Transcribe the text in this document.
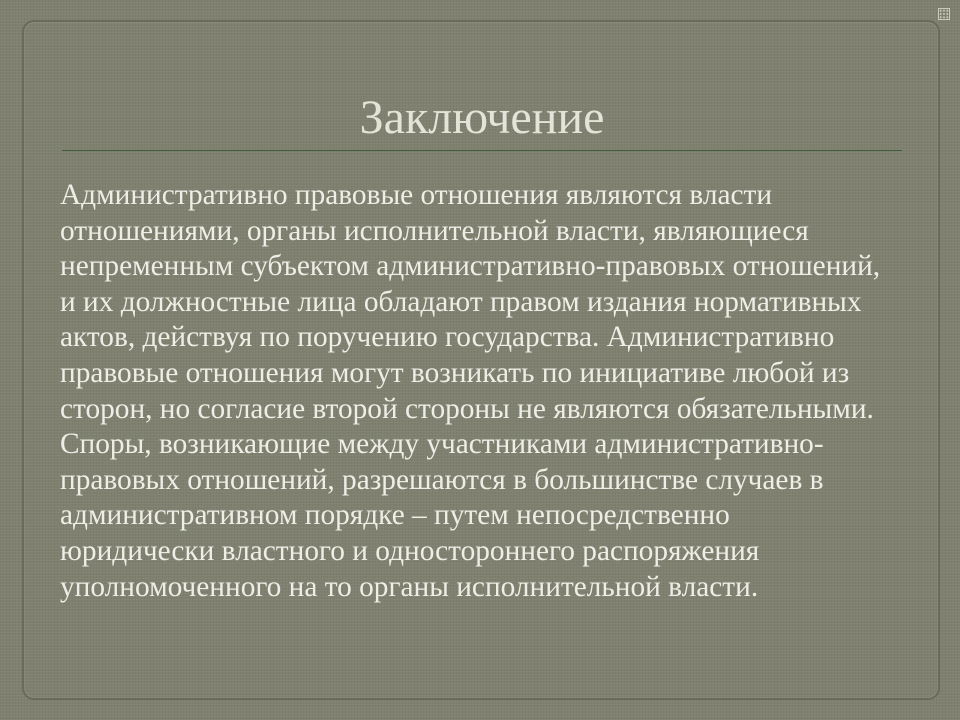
Заключение
Административно правовые отношения являются власти
отношениями, органы исполнительной власти, являющиеся
непременным субъектом административно-правовых отношений,
и их должностные лица обладают правом издания нормативных
актов, действуя по поручению государства. Административно
правовые отношения могут возникать по инициативе любой из
сторон, но согласие второй стороны не являются обязательными.
Споры, возникающие между участниками административно-
правовых отношений, разрешаются в большинстве случаев в
административном порядке – путем непосредственно
юридически властного и одностороннего распоряжения
уполномоченного на то органы исполнительной власти.
